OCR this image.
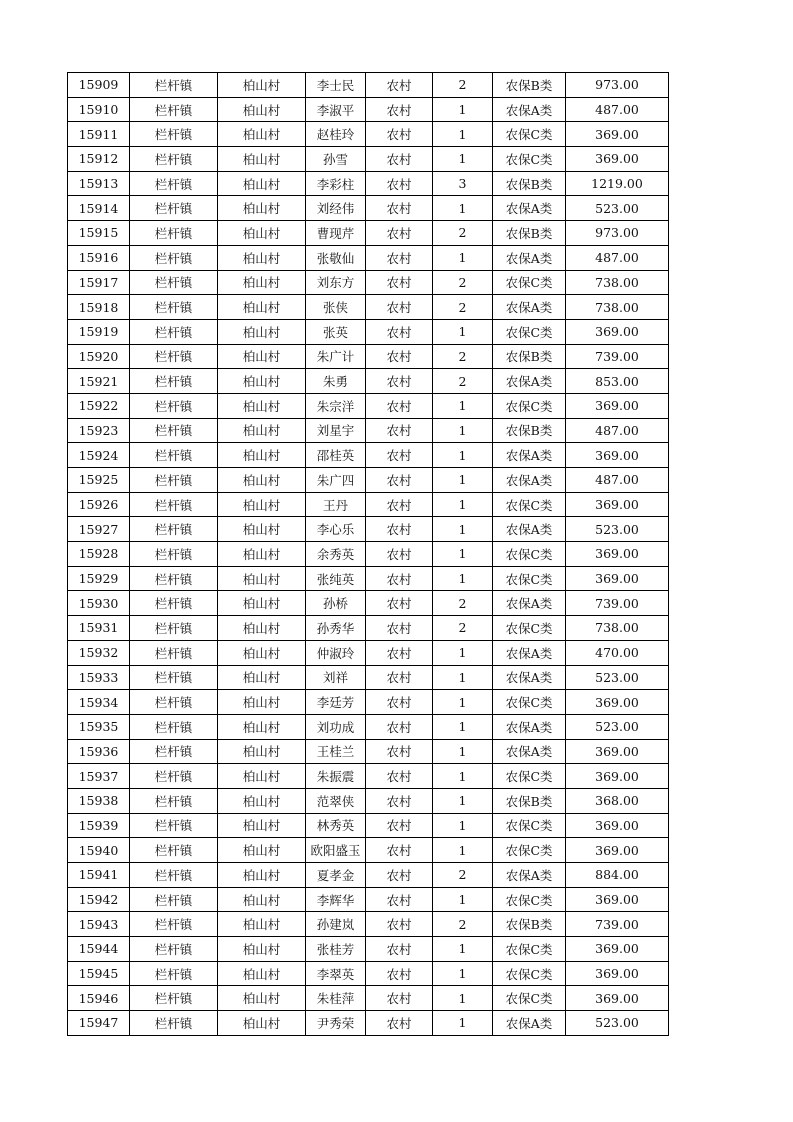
15909	栏杆镇	柏山村	李士民	农村	2	农保B类	973.00
15910	栏杆镇	柏山村	李淑平	农村	1	农保A类	487.00
15911	栏杆镇	柏山村	赵桂玲	农村	1	农保C类	369.00
15912	栏杆镇	柏山村	孙雪	农村	1	农保C类	369.00
15913	栏杆镇	柏山村	李彩柱	农村	3	农保B类	1219.00
15914	栏杆镇	柏山村	刘经伟	农村	1	农保A类	523.00
15915	栏杆镇	柏山村	曹现芹	农村	2	农保B类	973.00
15916	栏杆镇	柏山村	张敬仙	农村	1	农保A类	487.00
15917	栏杆镇	柏山村	刘东方	农村	2	农保C类	738.00
15918	栏杆镇	柏山村	张侠	农村	2	农保A类	738.00
15919	栏杆镇	柏山村	张英	农村	1	农保C类	369.00
15920	栏杆镇	柏山村	朱广计	农村	2	农保B类	739.00
15921	栏杆镇	柏山村	朱勇	农村	2	农保A类	853.00
15922	栏杆镇	柏山村	朱宗洋	农村	1	农保C类	369.00
15923	栏杆镇	柏山村	刘星宇	农村	1	农保B类	487.00
15924	栏杆镇	柏山村	邵桂英	农村	1	农保A类	369.00
15925	栏杆镇	柏山村	朱广四	农村	1	农保A类	487.00
15926	栏杆镇	柏山村	王丹	农村	1	农保C类	369.00
15927	栏杆镇	柏山村	李心乐	农村	1	农保A类	523.00
15928	栏杆镇	柏山村	余秀英	农村	1	农保C类	369.00
15929	栏杆镇	柏山村	张纯英	农村	1	农保C类	369.00
15930	栏杆镇	柏山村	孙桥	农村	2	农保A类	739.00
15931	栏杆镇	柏山村	孙秀华	农村	2	农保C类	738.00
15932	栏杆镇	柏山村	仲淑玲	农村	1	农保A类	470.00
15933	栏杆镇	柏山村	刘祥	农村	1	农保A类	523.00
15934	栏杆镇	柏山村	李廷芳	农村	1	农保C类	369.00
15935	栏杆镇	柏山村	刘功成	农村	1	农保A类	523.00
15936	栏杆镇	柏山村	王桂兰	农村	1	农保A类	369.00
15937	栏杆镇	柏山村	朱振震	农村	1	农保C类	369.00
15938	栏杆镇	柏山村	范翠侠	农村	1	农保B类	368.00
15939	栏杆镇	柏山村	林秀英	农村	1	农保C类	369.00
15940	栏杆镇	柏山村	欧阳盛玉	农村	1	农保C类	369.00
15941	栏杆镇	柏山村	夏孝金	农村	2	农保A类	884.00
15942	栏杆镇	柏山村	李辉华	农村	1	农保C类	369.00
15943	栏杆镇	柏山村	孙建岚	农村	2	农保B类	739.00
15944	栏杆镇	柏山村	张桂芳	农村	1	农保C类	369.00
15945	栏杆镇	柏山村	李翠英	农村	1	农保C类	369.00
15946	栏杆镇	柏山村	朱桂萍	农村	1	农保C类	369.00
15947	栏杆镇	柏山村	尹秀荣	农村	1	农保A类	523.00
